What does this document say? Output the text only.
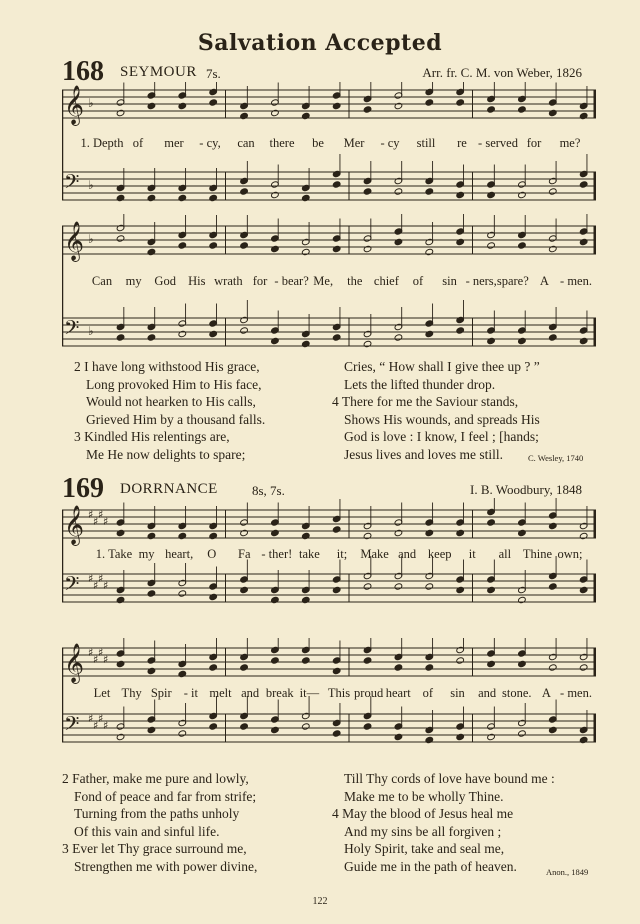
Salvation Accepted
168 SEYMOUR 7s.	Arr. fr. C. M. von Weber, 1826
𝄞 ♭
𝄢 ♭
1. Depth of mer - cy, can there be Mer - cy still re - served for me?
𝄞 ♭
𝄢 ♭
Can my God His wrath for - bear? Me, the chief of sin - ners, spare? A - men.
2 I have long withstood His grace,
Long provoked Him to His face,
Would not hearken to His calls,
Grieved Him by a thousand falls.
3 Kindled His relentings are,
Me He now delights to spare;
Cries, “ How shall I give thee up ? ”
Lets the lifted thunder drop.
4 There for me the Saviour stands,
Shows His wounds, and spreads His
God is love : I know, I feel ; [hands;
Jesus lives and loves me still.	C. Wesley, 1740
169 DORRNANCE	8s, 7s.	I. B. Woodbury, 1848
𝄞 ♯
♯
♯
♯
𝄢 ♯
♯
♯
♯
1. Take my heart, O Fa - ther! take it; Make and keep it all Thine own;
𝄞 ♯
♯
♯
♯
𝄢 ♯
♯
♯
♯
Let Thy Spir - it melt and break it— This proud heart of sin and stone. A - men.
2 Father, make me pure and lowly,
Fond of peace and far from strife;
Turning from the paths unholy
Of this vain and sinful life.
3 Ever let Thy grace surround me,
Strengthen me with power divine,
Till Thy cords of love have bound me :
Make me to be wholly Thine.
4 May the blood of Jesus heal me
And my sins be all forgiven ;
Holy Spirit, take and seal me,
Guide me in the path of heaven.	Anon., 1849
122
